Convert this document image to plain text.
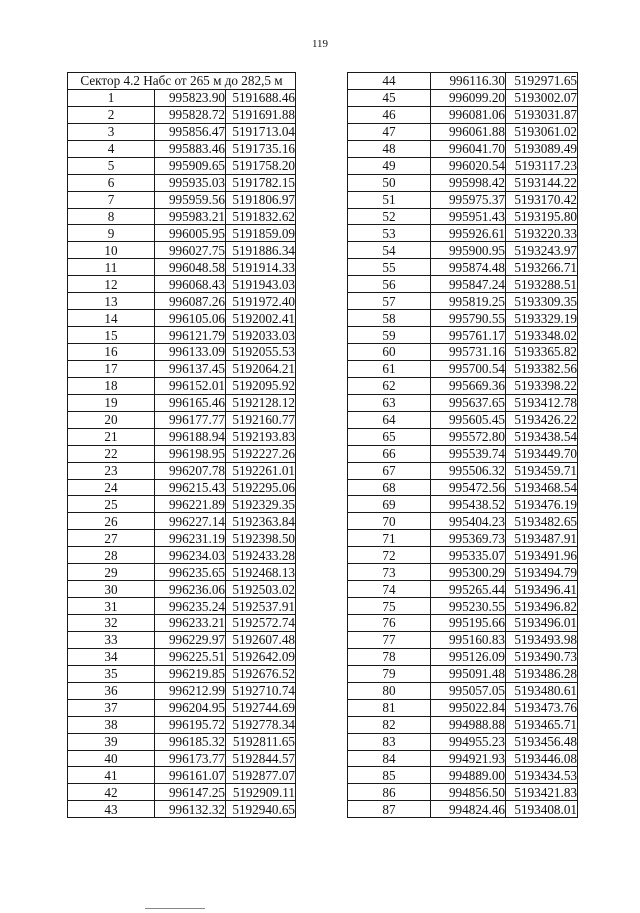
119
Сектор 4.2 Набс от 265 м до 282,5 м		
1	995823.90	5191688.46
2	995828.72	5191691.88
3	995856.47	5191713.04
4	995883.46	5191735.16
5	995909.65	5191758.20
6	995935.03	5191782.15
7	995959.56	5191806.97
8	995983.21	5191832.62
9	996005.95	5191859.09
10	996027.75	5191886.34
11	996048.58	5191914.33
12	996068.43	5191943.03
13	996087.26	5191972.40
14	996105.06	5192002.41
15	996121.79	5192033.03
16	996133.09	5192055.53
17	996137.45	5192064.21
18	996152.01	5192095.92
19	996165.46	5192128.12
20	996177.77	5192160.77
21	996188.94	5192193.83
22	996198.95	5192227.26
23	996207.78	5192261.01
24	996215.43	5192295.06
25	996221.89	5192329.35
26	996227.14	5192363.84
27	996231.19	5192398.50
28	996234.03	5192433.28
29	996235.65	5192468.13
30	996236.06	5192503.02
31	996235.24	5192537.91
32	996233.21	5192572.74
33	996229.97	5192607.48
34	996225.51	5192642.09
35	996219.85	5192676.52
36	996212.99	5192710.74
37	996204.95	5192744.69
38	996195.72	5192778.34
39	996185.32	5192811.65
40	996173.77	5192844.57
41	996161.07	5192877.07
42	996147.25	5192909.11
43	996132.32	5192940.65
44	996116.30	5192971.65
45	996099.20	5193002.07
46	996081.06	5193031.87
47	996061.88	5193061.02
48	996041.70	5193089.49
49	996020.54	5193117.23
50	995998.42	5193144.22
51	995975.37	5193170.42
52	995951.43	5193195.80
53	995926.61	5193220.33
54	995900.95	5193243.97
55	995874.48	5193266.71
56	995847.24	5193288.51
57	995819.25	5193309.35
58	995790.55	5193329.19
59	995761.17	5193348.02
60	995731.16	5193365.82
61	995700.54	5193382.56
62	995669.36	5193398.22
63	995637.65	5193412.78
64	995605.45	5193426.22
65	995572.80	5193438.54
66	995539.74	5193449.70
67	995506.32	5193459.71
68	995472.56	5193468.54
69	995438.52	5193476.19
70	995404.23	5193482.65
71	995369.73	5193487.91
72	995335.07	5193491.96
73	995300.29	5193494.79
74	995265.44	5193496.41
75	995230.55	5193496.82
76	995195.66	5193496.01
77	995160.83	5193493.98
78	995126.09	5193490.73
79	995091.48	5193486.28
80	995057.05	5193480.61
81	995022.84	5193473.76
82	994988.88	5193465.71
83	994955.23	5193456.48
84	994921.93	5193446.08
85	994889.00	5193434.53
86	994856.50	5193421.83
87	994824.46	5193408.01
